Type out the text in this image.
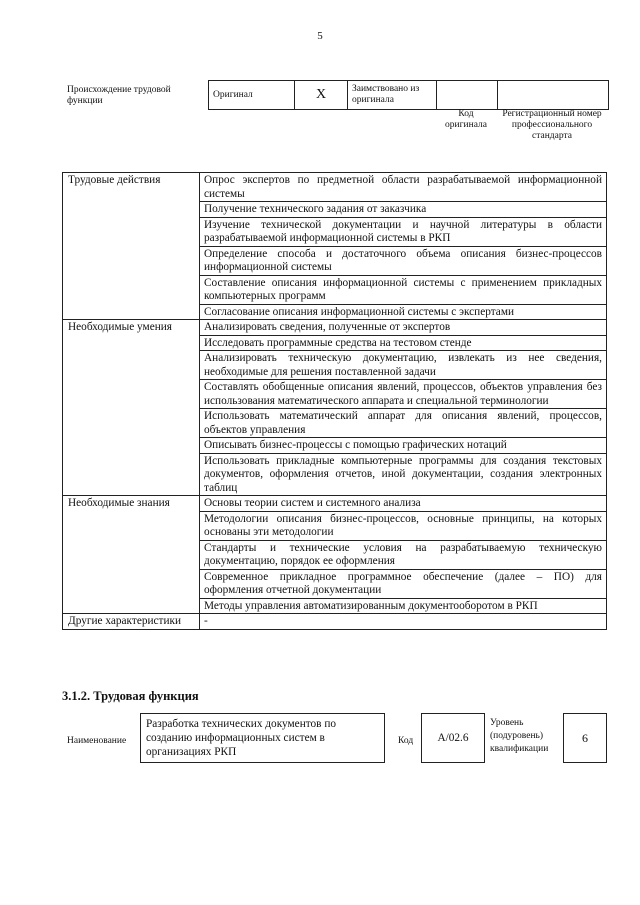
5
Происхождение трудовой функции
Оригинал	X	Заимствовано из оригинала		
Код оригинала
Регистрационный номер профессионального стандарта
Трудовые действия	Опрос экспертов по предметной области разрабатываемой информационной системы
	Получение технического задания от заказчика
	Изучение технической документации и научной литературы в области разрабатываемой информационной системы в РКП
	Определение способа и достаточного объема описания бизнес-процессов информационной системы
	Составление описания информационной системы с применением прикладных компьютерных программ
	Согласование описания информационной системы с экспертами
Необходимые умения	Анализировать сведения, полученные от экспертов
	Исследовать программные средства на тестовом стенде
	Анализировать техническую документацию, извлекать из нее сведения, необходимые для решения поставленной задачи
	Составлять обобщенные описания явлений, процессов, объектов управления без использования математического аппарата и специальной терминологии
	Использовать математический аппарат для описания явлений, процессов, объектов управления
	Описывать бизнес-процессы с помощью графических нотаций
	Использовать прикладные компьютерные программы для создания текстовых документов, оформления отчетов, иной документации, создания электронных таблиц
Необходимые знания	Основы теории систем и системного анализа
	Методологии описания бизнес-процессов, основные принципы, на которых основаны эти методологии
	Стандарты и технические условия на разрабатываемую техническую документацию, порядок ее оформления
	Современное прикладное программное обеспечение (далее – ПО) для оформления отчетной документации
	Методы управления автоматизированным документооборотом в РКП
Другие характеристики	-
3.1.2. Трудовая функция
Наименование
Разработка технических документов по созданию информационных систем в организациях РКП
Код	А/02.6
Уровень (подуровень) квалификации
6
